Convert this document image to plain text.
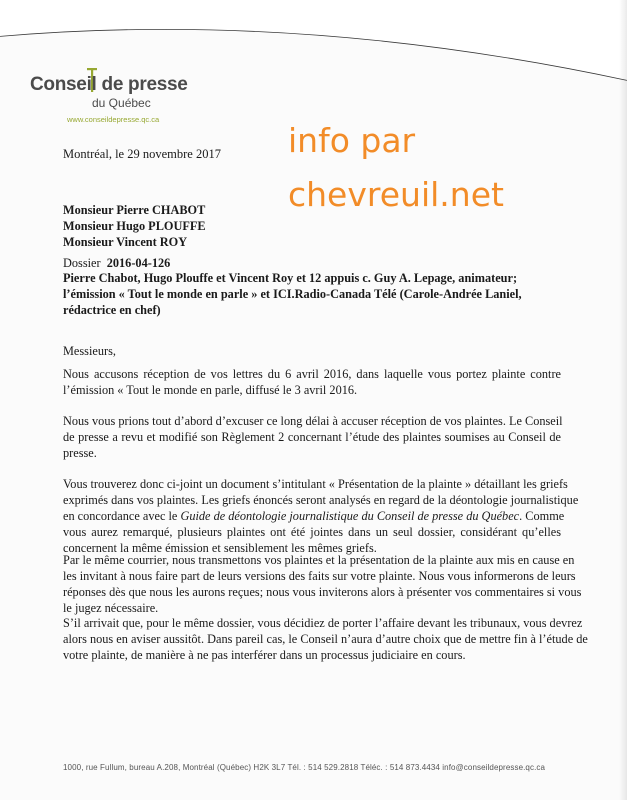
Conseil de presse
du Québec
www.conseildepresse.qc.ca
info par
chevreuil.net
Montréal, le 29 novembre 2017
Monsieur Pierre CHABOT
Monsieur Hugo PLOUFFE
Monsieur Vincent ROY
Dossier 2016-04-126
Pierre Chabot, Hugo Plouffe et Vincent Roy et 12 appuis c. Guy A. Lepage, animateur;
l’émission « Tout le monde en parle » et ICI.Radio-Canada Télé (Carole-Andrée Laniel,
rédactrice en chef)
Messieurs,
Nous accusons réception de vos lettres du 6 avril 2016, dans laquelle vous portez plainte contre
l’émission « Tout le monde en parle, diffusé le 3 avril 2016.
Nous vous prions tout d’abord d’excuser ce long délai à accuser réception de vos plaintes. Le Conseil
de presse a revu et modifié son Règlement 2 concernant l’étude des plaintes soumises au Conseil de
presse.
Vous trouverez donc ci-joint un document s’intitulant « Présentation de la plainte » détaillant les griefs
exprimés dans vos plaintes. Les griefs énoncés seront analysés en regard de la déontologie journalistique
en concordance avec le Guide de déontologie journalistique du Conseil de presse du Québec. Comme
vous aurez remarqué, plusieurs plaintes ont été jointes dans un seul dossier, considérant qu’elles
concernent la même émission et sensiblement les mêmes griefs.
Par le même courrier, nous transmettons vos plaintes et la présentation de la plainte aux mis en cause en
les invitant à nous faire part de leurs versions des faits sur votre plainte. Nous vous informerons de leurs
réponses dès que nous les aurons reçues; nous vous inviterons alors à présenter vos commentaires si vous
le jugez nécessaire.
S’il arrivait que, pour le même dossier, vous décidiez de porter l’affaire devant les tribunaux, vous devrez
alors nous en aviser aussitôt. Dans pareil cas, le Conseil n’aura d’autre choix que de mettre fin à l’étude de
votre plainte, de manière à ne pas interférer dans un processus judiciaire en cours.
1000, rue Fullum, bureau A.208, Montréal (Québec) H2K 3L7 Tél. : 514 529.2818 Téléc. : 514 873.4434 info@conseildepresse.qc.ca
